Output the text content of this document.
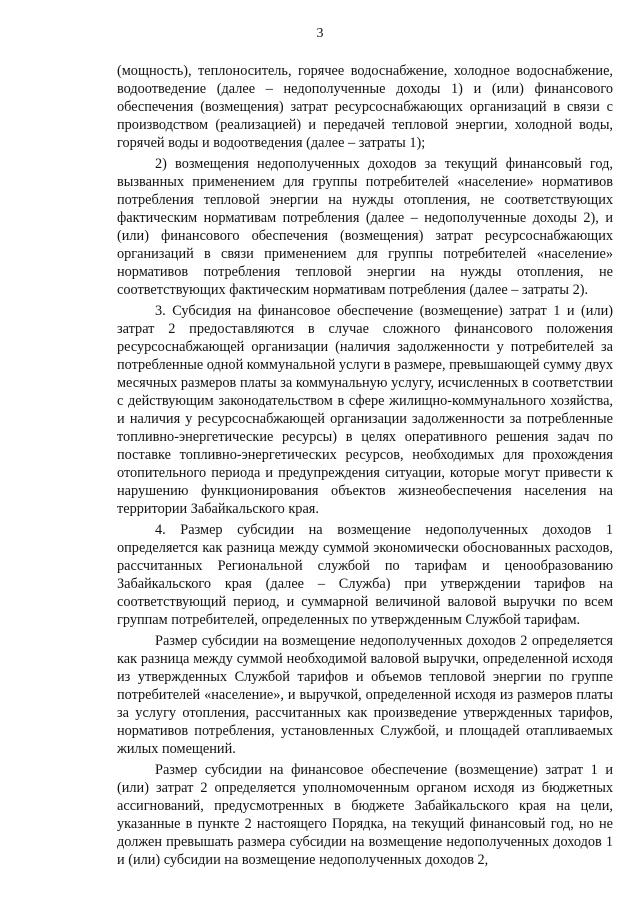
3

(мощность), теплоноситель, горячее водоснабжение, холодное водоснабжение, водоотведение (далее – недополученные доходы 1) и (или) финансового обеспечения (возмещения) затрат ресурсоснабжающих организаций в связи с производством (реализацией) и передачей тепловой энергии, холодной воды, горячей воды и водоотведения (далее – затраты 1);

2) возмещения недополученных доходов за текущий финансовый год, вызванных применением для группы потребителей «население» нормативов потребления тепловой энергии на нужды отопления, не соответствующих фактическим нормативам потребления (далее – недополученные доходы 2), и (или) финансового обеспечения (возмещения) затрат ресурсоснабжающих организаций в связи применением для группы потребителей «население» нормативов потребления тепловой энергии на нужды отопления, не соответствующих фактическим нормативам потребления (далее – затраты 2).

3. Субсидия на финансовое обеспечение (возмещение) затрат 1 и (или) затрат 2 предоставляются в случае сложного финансового положения ресурсоснабжающей организации (наличия задолженности у потребителей за потребленные одной коммунальной услуги в размере, превышающей сумму двух месячных размеров платы за коммунальную услугу, исчисленных в соответствии с действующим законодательством в сфере жилищно-коммунального хозяйства, и наличия у ресурсоснабжающей организации задолженности за потребленные топливно-энергетические ресурсы) в целях оперативного решения задач по поставке топливно-энергетических ресурсов, необходимых для прохождения отопительного периода и предупреждения ситуации, которые могут привести к нарушению функционирования объектов жизнеобеспечения населения на территории Забайкальского края.

4. Размер субсидии на возмещение недополученных доходов 1 определяется как разница между суммой экономически обоснованных расходов, рассчитанных Региональной службой по тарифам и ценообразованию Забайкальского края (далее – Служба) при утверждении тарифов на соответствующий период, и суммарной величиной валовой выручки по всем группам потребителей, определенных по утвержденным Службой тарифам.

Размер субсидии на возмещение недополученных доходов 2 определяется как разница между суммой необходимой валовой выручки, определенной исходя из утвержденных Службой тарифов и объемов тепловой энергии по группе потребителей «население», и выручкой, определенной исходя из размеров платы за услугу отопления, рассчитанных как произведение утвержденных тарифов, нормативов потребления, установленных Службой, и площадей отапливаемых жилых помещений.

Размер субсидии на финансовое обеспечение (возмещение) затрат 1 и (или) затрат 2 определяется уполномоченным органом исходя из бюджетных ассигнований, предусмотренных в бюджете Забайкальского края на цели, указанные в пункте 2 настоящего Порядка, на текущий финансовый год, но не должен превышать размера субсидии на возмещение недополученных доходов 1 и (или) субсидии на возмещение недополученных доходов 2,
